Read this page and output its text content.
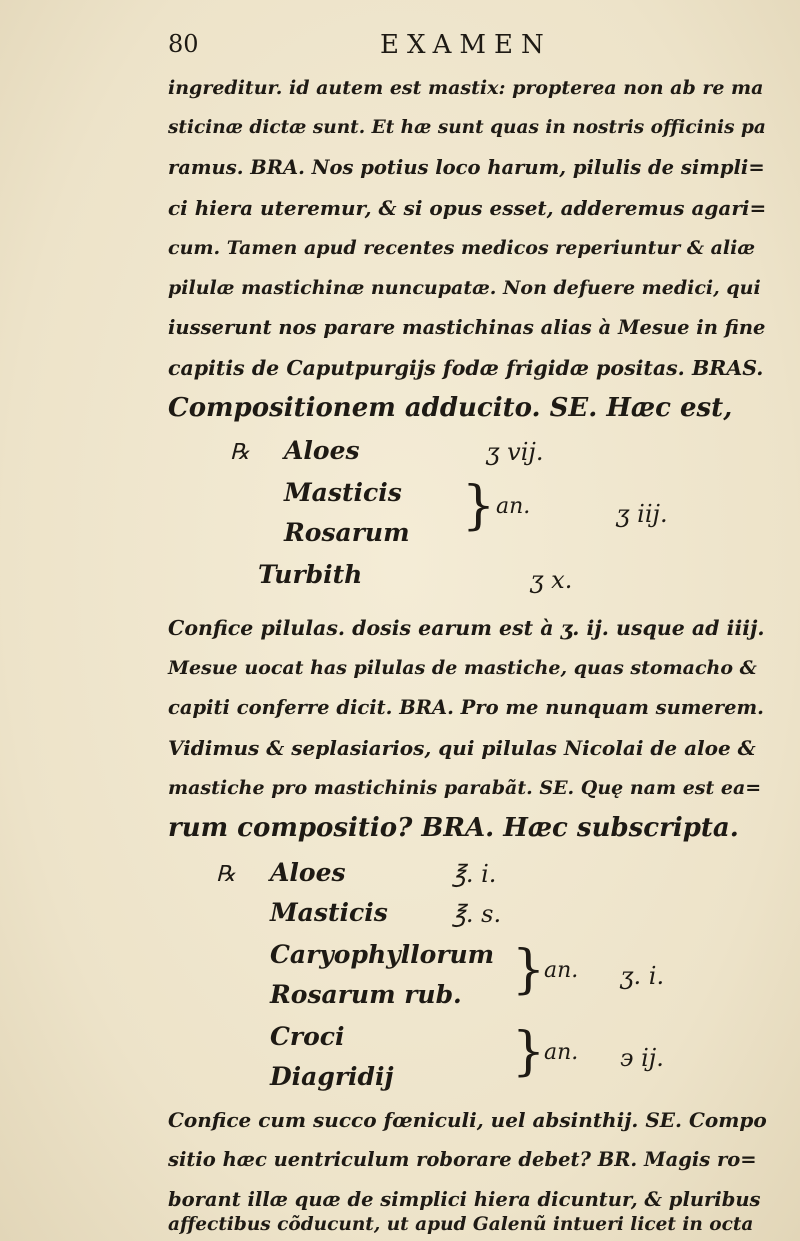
80	EXAMEN
ingreditur. id autem est mastix: propterea non ab re ma
sticinæ dictæ sunt. Et hæ sunt quas in nostris officinis pa
ramus. BRA. Nos potius loco harum, pilulis de simpli=
ci hiera uteremur, & si opus esset, adderemus agari=
cum. Tamen apud recentes medicos reperiuntur & aliæ
pilulæ mastichinæ nuncupatæ. Non defuere medici, qui
iusserunt nos parare mastichinas alias à Mesue in fine
capitis de Caputpurgijs fodæ frigidæ positas. BRAS.
Compositionem adducito. SE. Hæc est,
℞ Aloes	ʒ vij.
Masticis
Rosarum } an.	ʒ iij.
Turbith	ʒ x.
Confice pilulas. dosis earum est à ʒ. ij. usque ad iiij.
Mesue uocat has pilulas de mastiche, quas stomacho &
capiti conferre dicit. BRA. Pro me nunquam sumerem.
Vidimus & seplasiarios, qui pilulas Nicolai de aloe &
mastiche pro mastichinis parabãt. SE. Quę nam est ea=
rum compositio? BRA. Hæc subscripta.
℞ Aloes	℥. i.
Masticis	℥. s.
Caryophyllorum
Rosarum rub. }
an. ʒ. i.
Croci
Diagridij }
an. ϶ ij.
Confice cum succo fœniculi, uel absinthij. SE. Compo
sitio hæc uentriculum roborare debet? BR. Magis ro=
borant illæ quæ de simplici hiera dicuntur, & pluribus
affectibus cõducunt, ut apud Galenũ intueri licet in octa
